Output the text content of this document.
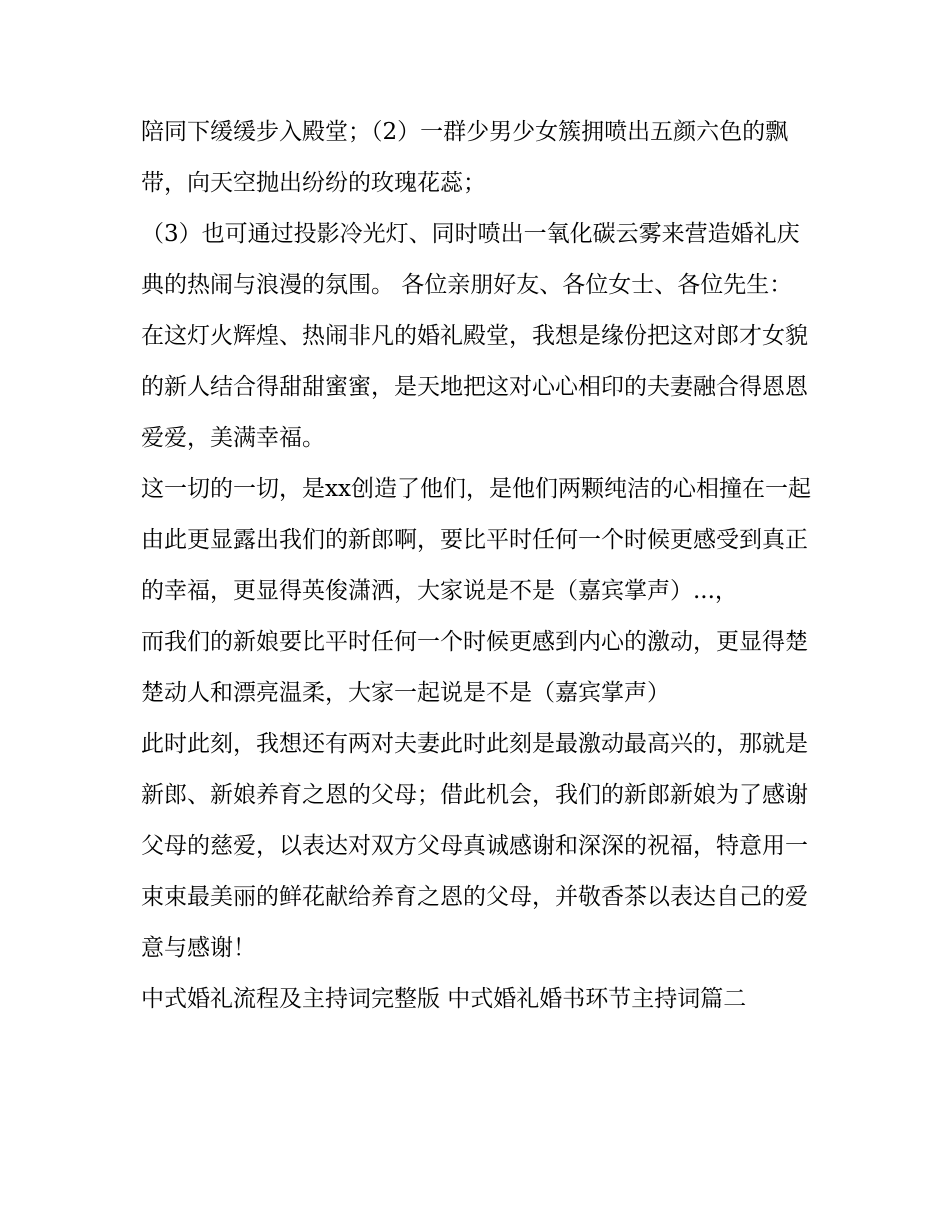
陪同下缓缓步入殿堂；（2）一群少男少女簇拥喷出五颜六色的飘带，向天空抛出纷纷的玫瑰花蕊；

（3）也可通过投影冷光灯、同时喷出一氧化碳云雾来营造婚礼庆典的热闹与浪漫的氛围。 各位亲朋好友、各位女士、各位先生：

在这灯火辉煌、热闹非凡的婚礼殿堂，我想是缘份把这对郎才女貌的新人结合得甜甜蜜蜜，是天地把这对心心相印的夫妻融合得恩恩爱爱，美满幸福。

这一切的一切，是xx创造了他们，是他们两颗纯洁的心相撞在一起由此更显露出我们的新郎啊，要比平时任何一个时候更感受到真正的幸福，更显得英俊潇洒，大家说是不是（嘉宾掌声）...，

而我们的新娘要比平时任何一个时候更感到内心的激动，更显得楚楚动人和漂亮温柔，大家一起说是不是（嘉宾掌声）

此时此刻，我想还有两对夫妻此时此刻是最激动最高兴的，那就是新郎、新娘养育之恩的父母；借此机会，我们的新郎新娘为了感谢父母的慈爱，以表达对双方父母真诚感谢和深深的祝福，特意用一束束最美丽的鲜花献给养育之恩的父母，并敬香茶以表达自己的爱意与感谢！

中式婚礼流程及主持词完整版 中式婚礼婚书环节主持词篇二
